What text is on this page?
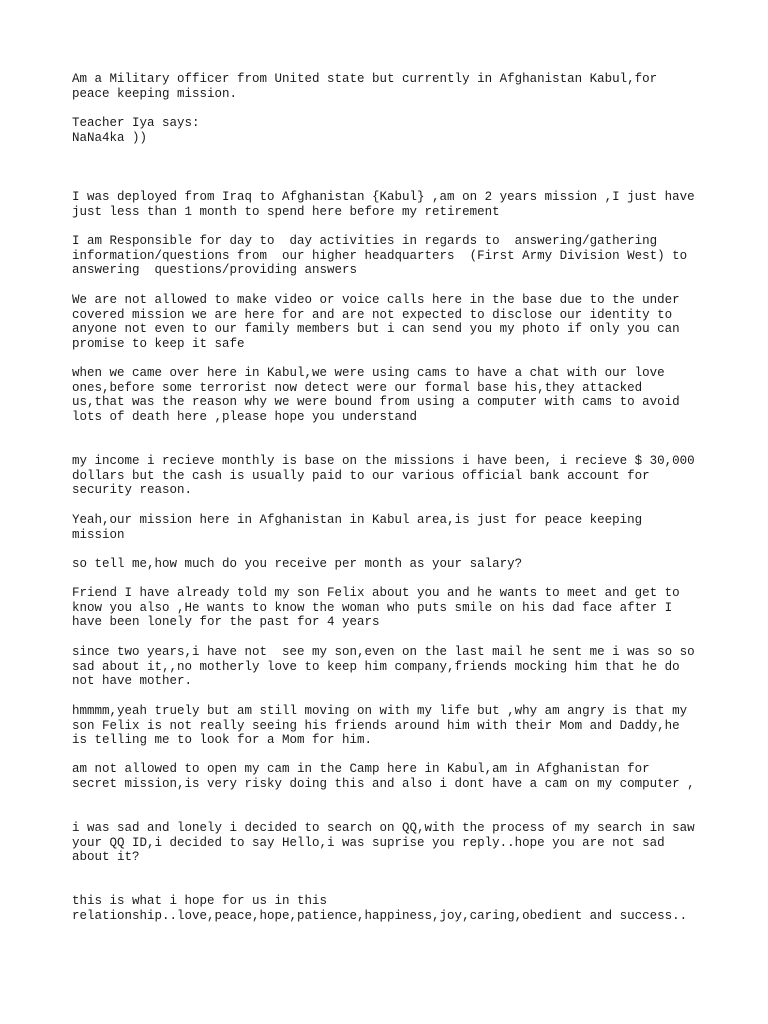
Am a Military officer from United state but currently in Afghanistan Kabul,for
peace keeping mission.

Teacher Iya says:
NaNa4ka ))

I was deployed from Iraq to Afghanistan {Kabul} ,am on 2 years mission ,I just have
just less than 1 month to spend here before my retirement

I am Responsible for day to  day activities in regards to  answering/gathering
information/questions from  our higher headquarters  (First Army Division West) to
answering  questions/providing answers

We are not allowed to make video or voice calls here in the base due to the under
covered mission we are here for and are not expected to disclose our identity to
anyone not even to our family members but i can send you my photo if only you can
promise to keep it safe

when we came over here in Kabul,we were using cams to have a chat with our love
ones,before some terrorist now detect were our formal base his,they attacked
us,that was the reason why we were bound from using a computer with cams to avoid
lots of death here ,please hope you understand

my income i recieve monthly is base on the missions i have been, i recieve $ 30,000
dollars but the cash is usually paid to our various official bank account for
security reason.

Yeah,our mission here in Afghanistan in Kabul area,is just for peace keeping
mission

so tell me,how much do you receive per month as your salary?

Friend I have already told my son Felix about you and he wants to meet and get to
know you also ,He wants to know the woman who puts smile on his dad face after I
have been lonely for the past for 4 years

since two years,i have not  see my son,even on the last mail he sent me i was so so
sad about it,,no motherly love to keep him company,friends mocking him that he do
not have mother.

hmmmm,yeah truely but am still moving on with my life but ,why am angry is that my
son Felix is not really seeing his friends around him with their Mom and Daddy,he
is telling me to look for a Mom for him.

am not allowed to open my cam in the Camp here in Kabul,am in Afghanistan for
secret mission,is very risky doing this and also i dont have a cam on my computer ,

i was sad and lonely i decided to search on QQ,with the process of my search in saw
your QQ ID,i decided to say Hello,i was suprise you reply..hope you are not sad
about it?

this is what i hope for us in this
relationship..love,peace,hope,patience,happiness,joy,caring,obedient and success..
